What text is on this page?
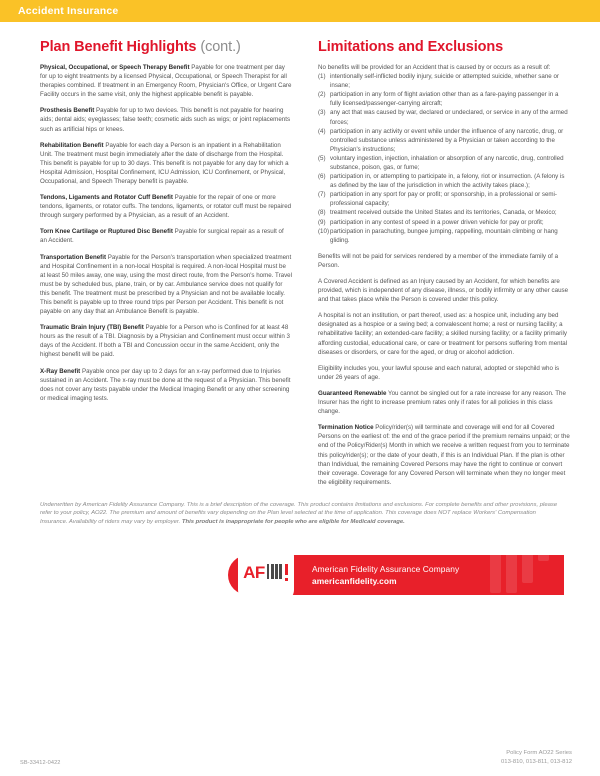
Accident Insurance
Plan Benefit Highlights (cont.)

Physical, Occupational, or Speech Therapy Benefit Payable for one treatment per day for up to eight treatments by a licensed Physical, Occupational, or Speech Therapist for all therapies combined. If treatment in an Emergency Room, Physician's Office, or Urgent Care Facility occurs in the same visit, only the highest applicable benefit is payable.

Prosthesis Benefit Payable for up to two devices. This benefit is not payable for hearing aids; dental aids; eyeglasses; false teeth; cosmetic aids such as wigs; or joint replacements such as artificial hips or knees.

Rehabilitation Benefit Payable for each day a Person is an inpatient in a Rehabilitation Unit. The treatment must begin immediately after the date of discharge from the Hospital. This benefit is payable for up to 30 days. This benefit is not payable for any day for which a Hospital Admission, Hospital Confinement, ICU Admission, ICU Confinement, or Physical, Occupational, and Speech Therapy benefit is payable.

Tendons, Ligaments and Rotator Cuff Benefit Payable for the repair of one or more tendons, ligaments, or rotator cuffs. The tendons, ligaments, or rotator cuff must be repaired through surgery performed by a Physician, as a result of an Accident.

Torn Knee Cartilage or Ruptured Disc Benefit Payable for surgical repair as a result of an Accident.

Transportation Benefit Payable for the Person's transportation when specialized treatment and Hospital Confinement in a non-local Hospital is required. A non-local Hospital must be at least 50 miles away, one way, using the most direct route, from the Person's home. Travel must be by scheduled bus, plane, train, or by car. Ambulance service does not qualify for this benefit. The treatment must be prescribed by a Physician and not be available locally. This benefit is payable up to three round trips per Person per Accident. This benefit is not payable on any day that an Ambulance Benefit is payable.

Traumatic Brain Injury (TBI) Benefit Payable for a Person who is Confined for at least 48 hours as the result of a TBI. Diagnosis by a Physician and Confinement must occur within 3 days of the Accident. If both a TBI and Concussion occur in the same Accident, only the highest benefit will be paid.

X-Ray Benefit Payable once per day up to 2 days for an x-ray performed due to Injuries sustained in an Accident. The x-ray must be done at the request of a Physician. This benefit does not cover any tests payable under the Medical Imaging Benefit or any other screening or medical imaging tests.

Limitations and Exclusions

No benefits will be provided for an Accident that is caused by or occurs as a result of:

(1) intentionally self-inflicted bodily injury, suicide or attempted suicide, whether sane or insane;
(2) participation in any form of flight aviation other than as a fare-paying passenger in a fully licensed/passenger-carrying aircraft;
(3) any act that was caused by war, declared or undeclared, or service in any of the armed forces;
(4) participation in any activity or event while under the influence of any narcotic, drug, or controlled substance unless administered by a Physician or taken according to the Physician's instructions;
(5) voluntary ingestion, injection, inhalation or absorption of any narcotic, drug, controlled substance, poison, gas, or fume;
(6) participation in, or attempting to participate in, a felony, riot or insurrection. (A felony is as defined by the law of the jurisdiction in which the activity takes place.);
(7) participation in any sport for pay or profit; or sponsorship, in a professional or semi-professional capacity;
(8) treatment received outside the United States and its territories, Canada, or Mexico;
(9) participation in any contest of speed in a power driven vehicle for pay or profit;
(10)participation in parachuting, bungee jumping, rappelling, mountain climbing or hang gliding.

Benefits will not be paid for services rendered by a member of the immediate family of a Person.

A Covered Accident is defined as an Injury caused by an Accident, for which benefits are provided, which is independent of any disease, illness, or bodily infirmity or any other cause and that takes place while the Person is covered under this policy.

A hospital is not an institution, or part thereof, used as: a hospice unit, including any bed designated as a hospice or a swing bed; a convalescent home; a rest or nursing facility; a rehabilitative facility; an extended-care facility; a skilled nursing facility; or a facility primarily affording custodial, educational care, or care or treatment for persons suffering from mental diseases or disorders, or care for the aged, or drug or alcohol addiction.

Eligibility includes you, your lawful spouse and each natural, adopted or stepchild who is under 26 years of age.

Guaranteed Renewable You cannot be singled out for a rate increase for any reason. The Insurer has the right to increase premium rates only if rates for all policies in this class change.

Termination Notice Policy/rider(s) will terminate and coverage will end for all Covered Persons on the earliest of: the end of the grace period if the premium remains unpaid; or the end of the Policy/Rider(s) Month in which we receive a written request from you to terminate this policy/rider(s); or the date of your death, if this is an Individual Plan. If the plan is other than Individual, the remaining Covered Persons may have the right to continue or convert their coverage. Coverage for any Covered Person will terminate when they no longer meet the eligibility requirements.

Underwritten by American Fidelity Assurance Company. This is a brief description of the coverage. This product contains limitations and exclusions. For complete benefits and other provisions, please refer to your policy, AO22. The premium and amount of benefits vary depending on the Plan level selected at the time of application. This coverage does NOT replace Workers' Compensation Insurance. Availability of riders may vary by employer. This product is inappropriate for people who are eligible for Medicaid coverage.
AF	American Fidelity Assurance Company
americanfidelity.com
SB-33412-0422
Policy Form AO22 Series
013-810, 013-811, 013-812
